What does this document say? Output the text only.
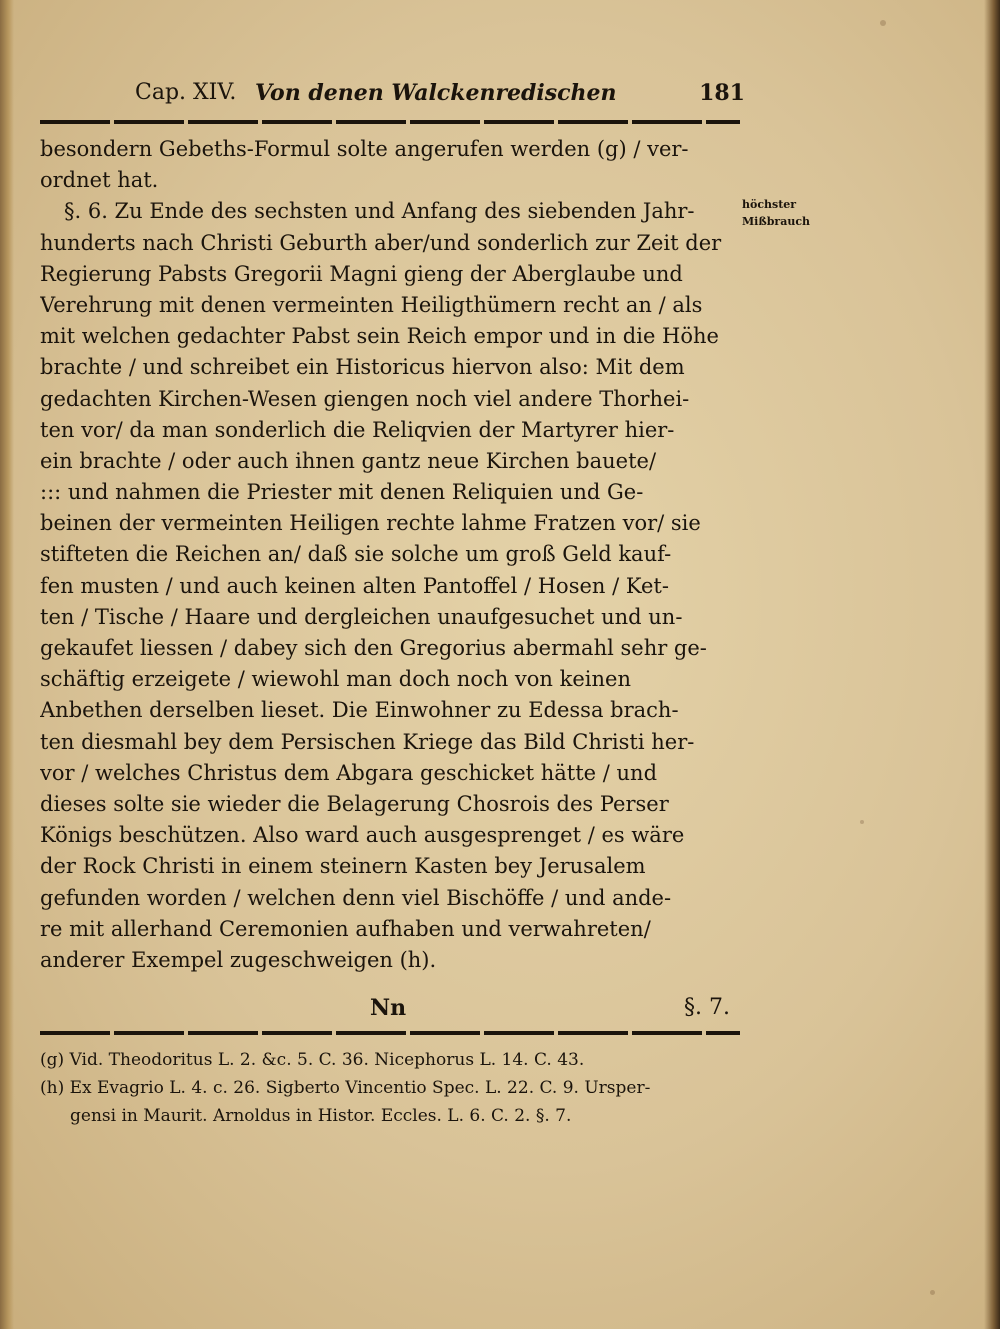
Cap. XIV. Von denen Walckenredischen	181
besondern Gebeths-Formul solte angerufen werden (g) / ver-
ordnet hat.
§. 6. Zu Ende des sechsten und Anfang des siebenden Jahr-
hunderts nach Christi Geburth aber/und sonderlich zur Zeit der
Regierung Pabsts Gregorii Magni gieng der Aberglaube und
Verehrung mit denen vermeinten Heiligthümern recht an / als
mit welchen gedachter Pabst sein Reich empor und in die Höhe
brachte / und schreibet ein Historicus hiervon also: Mit dem
gedachten Kirchen-Wesen giengen noch viel andere Thorhei-
ten vor/ da man sonderlich die Reliqvien der Martyrer hier-
ein brachte / oder auch ihnen gantz neue Kirchen bauete/
::: und nahmen die Priester mit denen Reliquien und Ge-
beinen der vermeinten Heiligen rechte lahme Fratzen vor/ sie
stifteten die Reichen an/ daß sie solche um groß Geld kauf-
fen musten / und auch keinen alten Pantoffel / Hosen / Ket-
ten / Tische / Haare und dergleichen unaufgesuchet und un-
gekaufet liessen / dabey sich den Gregorius abermahl sehr ge-
schäftig erzeigete / wiewohl man doch noch von keinen
Anbethen derselben lieset. Die Einwohner zu Edessa brach-
ten diesmahl bey dem Persischen Kriege das Bild Christi her-
vor / welches Christus dem Abgara geschicket hätte / und
dieses solte sie wieder die Belagerung Chosrois des Perser
Königs beschützen. Also ward auch ausgesprenget / es wäre
der Rock Christi in einem steinern Kasten bey Jerusalem
gefunden worden / welchen denn viel Bischöffe / und ande-
re mit allerhand Ceremonien aufhaben und verwahreten/
anderer Exempel zugeschweigen (h).
höchster
Mißbrauch
Nn	§. 7.
(g) Vid. Theodoritus L. 2. &c. 5. C. 36. Nicephorus L. 14. C. 43.
(h) Ex Evagrio L. 4. c. 26. Sigberto Vincentio Spec. L. 22. C. 9. Ursper-
gensi in Maurit. Arnoldus in Histor. Eccles. L. 6. C. 2. §. 7.
